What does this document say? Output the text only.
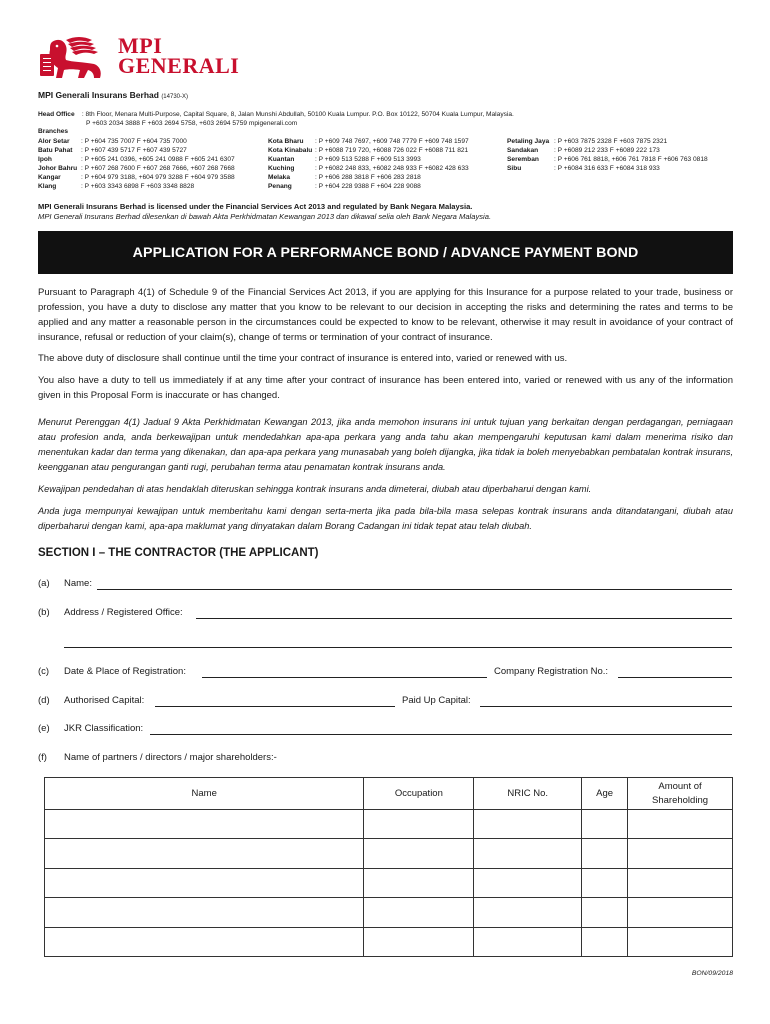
MPI
GENERALI
MPI Generali Insurans Berhad (14730-X)
Head Office : 8th Floor, Menara Multi-Purpose, Capital Square, 8, Jalan Munshi Abdullah, 50100 Kuala Lumpur. P.O. Box 10122, 50704 Kuala Lumpur, Malaysia.
P +603 2034 3888 F +603 2694 5758, +603 2694 5759 mpigenerali.com
Branches
Alor Setar : P +604 735 7007 F +604 735 7000
Batu Pahat : P +607 439 5717 F +607 439 5727
Ipoh	: P +605 241 0396, +605 241 0988 F +605 241 6307
Johor Bahru : P +607 268 7600 F +607 268 7666, +607 268 7668
Kangar	: P +604 979 3188, +604 979 3288 F +604 979 3588
Klang	: P +603 3343 6898 F +603 3348 8828
Kota Bharu : P +609 748 7697, +609 748 7779 F +609 748 1597
Kota Kinabalu : P +6088 719 720, +6088 726 022 F +6088 711 821
Kuantan	: P +609 513 5288 F +609 513 3993
Kuching	: P +6082 248 833, +6082 248 933 F +6082 428 633
Melaka	: P +606 288 3818 F +606 283 2818
Penang	: P +604 228 9388 F +604 228 9088
Petaling Jaya : P +603 7875 2328 F +603 7875 2321
Sandakan : P +6089 212 233 F +6089 222 173
Seremban : P +606 761 8818, +606 761 7818 F +606 763 0818
Sibu	: P +6084 316 633 F +6084 318 933
MPI Generali Insurans Berhad is licensed under the Financial Services Act 2013 and regulated by Bank Negara Malaysia.
MPI Generali Insurans Berhad dilesenkan di bawah Akta Perkhidmatan Kewangan 2013 dan dikawal selia oleh Bank Negara Malaysia.
APPLICATION FOR A PERFORMANCE BOND / ADVANCE PAYMENT BOND

Pursuant to Paragraph 4(1) of Schedule 9 of the Financial Services Act 2013, if you are applying for this Insurance for a purpose related to your trade, business or profession, you have a duty to disclose any matter that you know to be relevant to our decision in accepting the risks and determining the rates and terms to be applied and any matter a reasonable person in the circumstances could be expected to know to be relevant, otherwise it may result in avoidance of your contract of insurance, refusal or reduction of your claim(s), change of terms or termination of your contract of insurance.

The above duty of disclosure shall continue until the time your contract of insurance is entered into, varied or renewed with us.

You also have a duty to tell us immediately if at any time after your contract of insurance has been entered into, varied or renewed with us any of the information given in this Proposal Form is inaccurate or has changed.

Menurut Perenggan 4(1) Jadual 9 Akta Perkhidmatan Kewangan 2013, jika anda memohon insurans ini untuk tujuan yang berkaitan dengan perdagangan, perniagaan atau profesion anda, anda berkewajipan untuk mendedahkan apa-apa perkara yang anda tahu akan mempengaruhi keputusan kami dalam menerima risiko dan menentukan kadar dan terma yang dikenakan, dan apa-apa perkara yang munasabah yang boleh dijangka, jika tidak ia boleh menyebabkan pembatalan kontrak insurans, keengganan atau pengurangan ganti rugi, perubahan terma atau penamatan kontrak insurans anda.

Kewajipan pendedahan di atas hendaklah diteruskan sehingga kontrak insurans anda dimeterai, diubah atau diperbaharui dengan kami.

Anda juga mempunyai kewajipan untuk memberitahu kami dengan serta-merta jika pada bila-bila masa selepas kontrak insurans anda ditandatangani, diubah atau diperbaharui dengan kami, apa-apa maklumat yang dinyatakan dalam Borang Cadangan ini tidak tepat atau telah diubah.

SECTION I – THE CONTRACTOR (THE APPLICANT)
(a) Name:
(b) Address / Registered Office:
(c) Date & Place of Registration:	Company Registration No.:
(d) Authorised Capital:	Paid Up Capital:
(e) JKR Classification:
(f) Name of partners / directors / major shareholders:-
Name	Occupation	NRIC No.	Age	Amount of Shareholding

BON/09/2018
